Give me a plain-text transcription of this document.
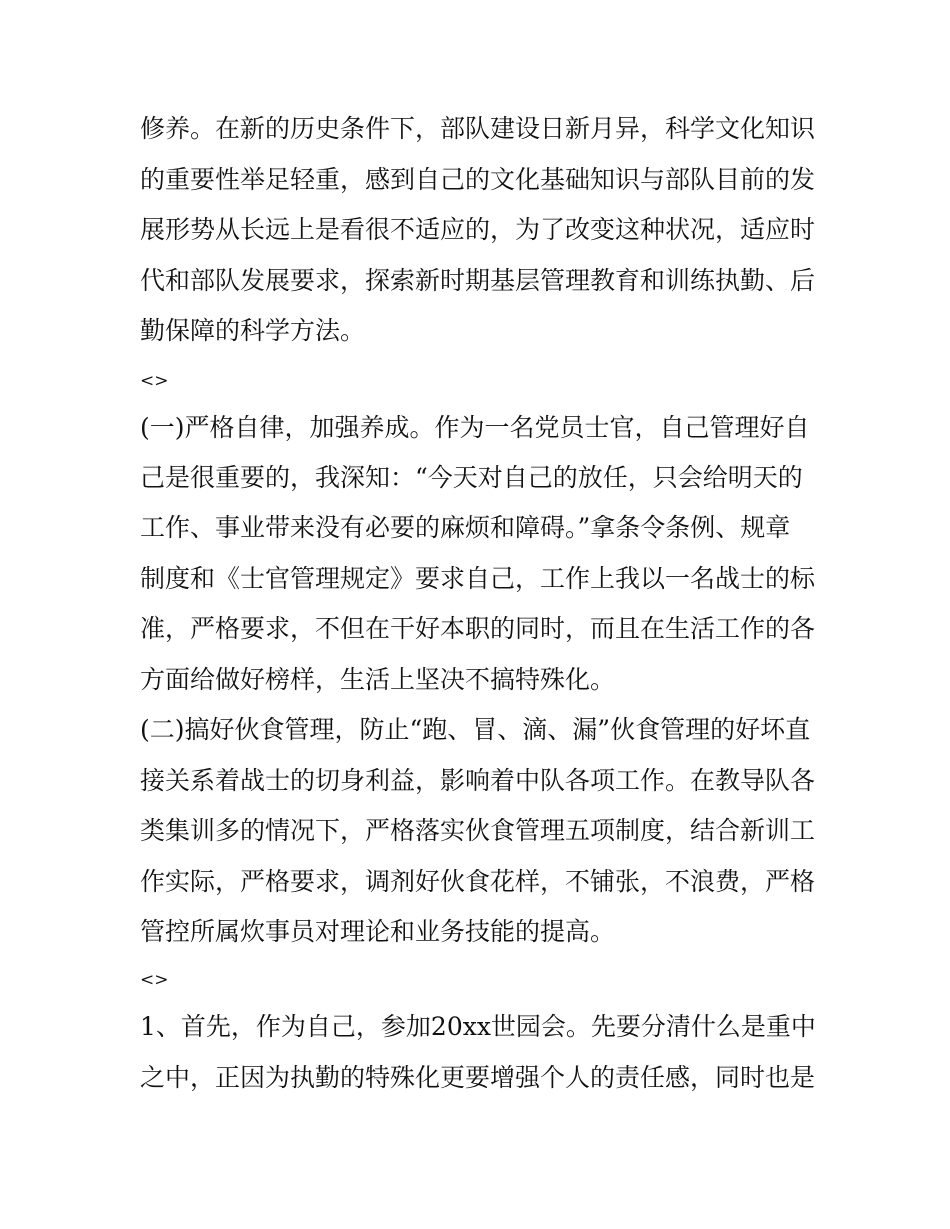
修养。在新的历史条件下，部队建设日新月异，科学文化知识
的重要性举足轻重，感到自己的文化基础知识与部队目前的发
展形势从长远上是看很不适应的，为了改变这种状况，适应时
代和部队发展要求，探索新时期基层管理教育和训练执勤、后
勤保障的科学方法。
<>
(一)严格自律，加强养成。作为一名党员士官，自己管理好自
己是很重要的，我深知：“今天对自己的放任，只会给明天的
工作、事业带来没有必要的麻烦和障碍。”拿条令条例、规章
制度和《士官管理规定》要求自己，工作上我以一名战士的标
准，严格要求，不但在干好本职的同时，而且在生活工作的各
方面给做好榜样，生活上坚决不搞特殊化。
(二)搞好伙食管理，防止“跑、冒、滴、漏”伙食管理的好坏直
接关系着战士的切身利益，影响着中队各项工作。在教导队各
类集训多的情况下，严格落实伙食管理五项制度，结合新训工
作实际，严格要求，调剂好伙食花样，不铺张，不浪费，严格
管控所属炊事员对理论和业务技能的提高。
<>
1、首先，作为自己，参加20xx世园会。先要分清什么是重中
之中，正因为执勤的特殊化更要增强个人的责任感，同时也是
